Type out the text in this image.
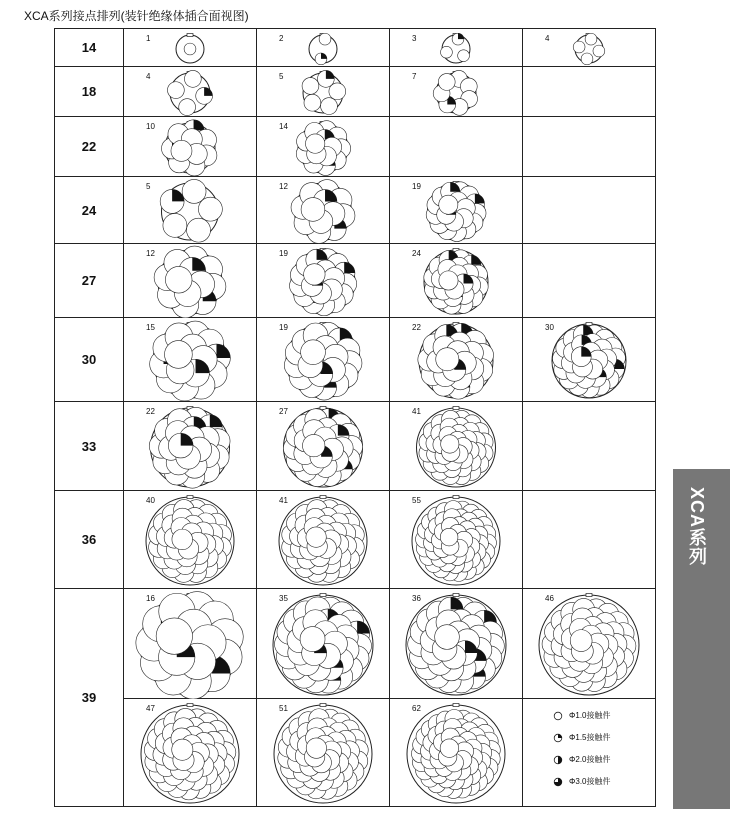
XCA系列接点排列(装针绝缘体插合面视图)
14	1	2	3	4

18	4	5	7	

22	10	14		

24	5	12	19	

27	12	19	24	

30	15	19	22	30

33	22	27	41	

36	40	41	55	

39	16	35	36	46

	47	51	62	Φ1.0接触件
Φ1.5接触件
Φ2.0接触件
Φ3.0接触件
XCA系列
